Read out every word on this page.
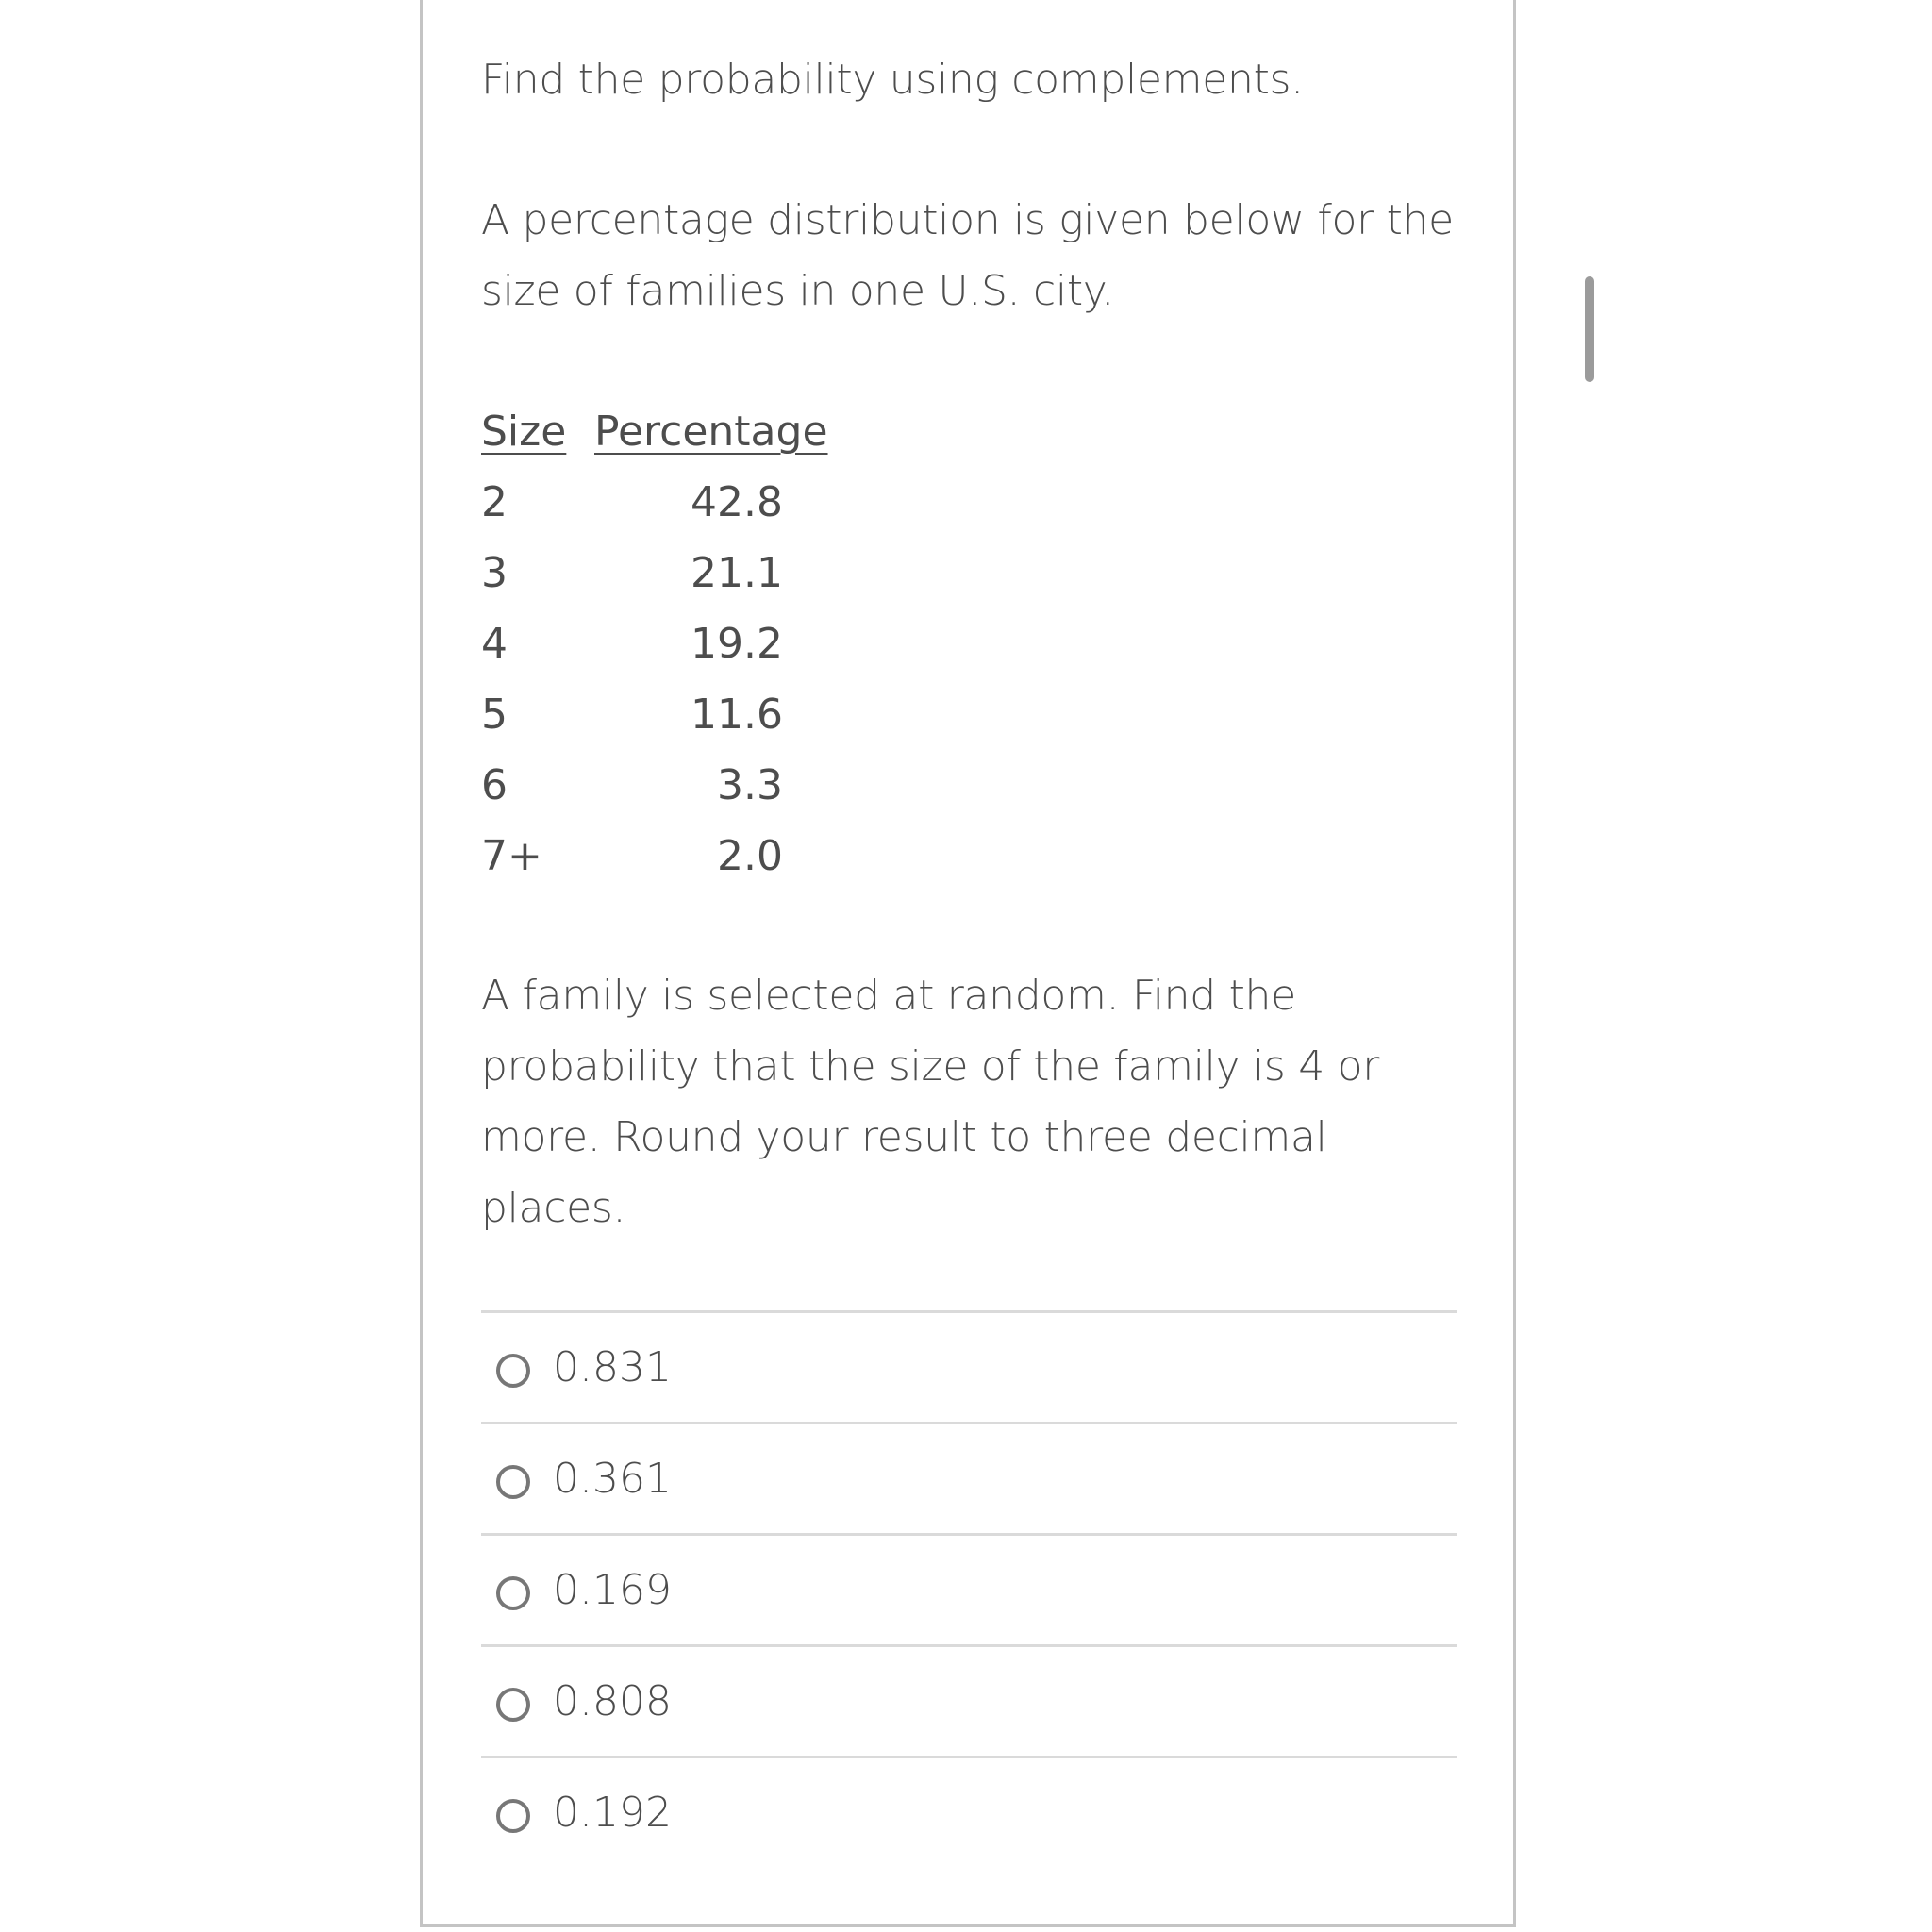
Find the probability using complements.

A percentage distribution is given below for the size of families in one U.S. city.

Size Percentage
2	42.8
3	21.1
4	19.2
5	11.6
6	3.3
7+	2.0

A family is selected at random. Find the probability that the size of the family is 4 or more. Round your result to three decimal places.

0.831
0.361
0.169
0.808
0.192
